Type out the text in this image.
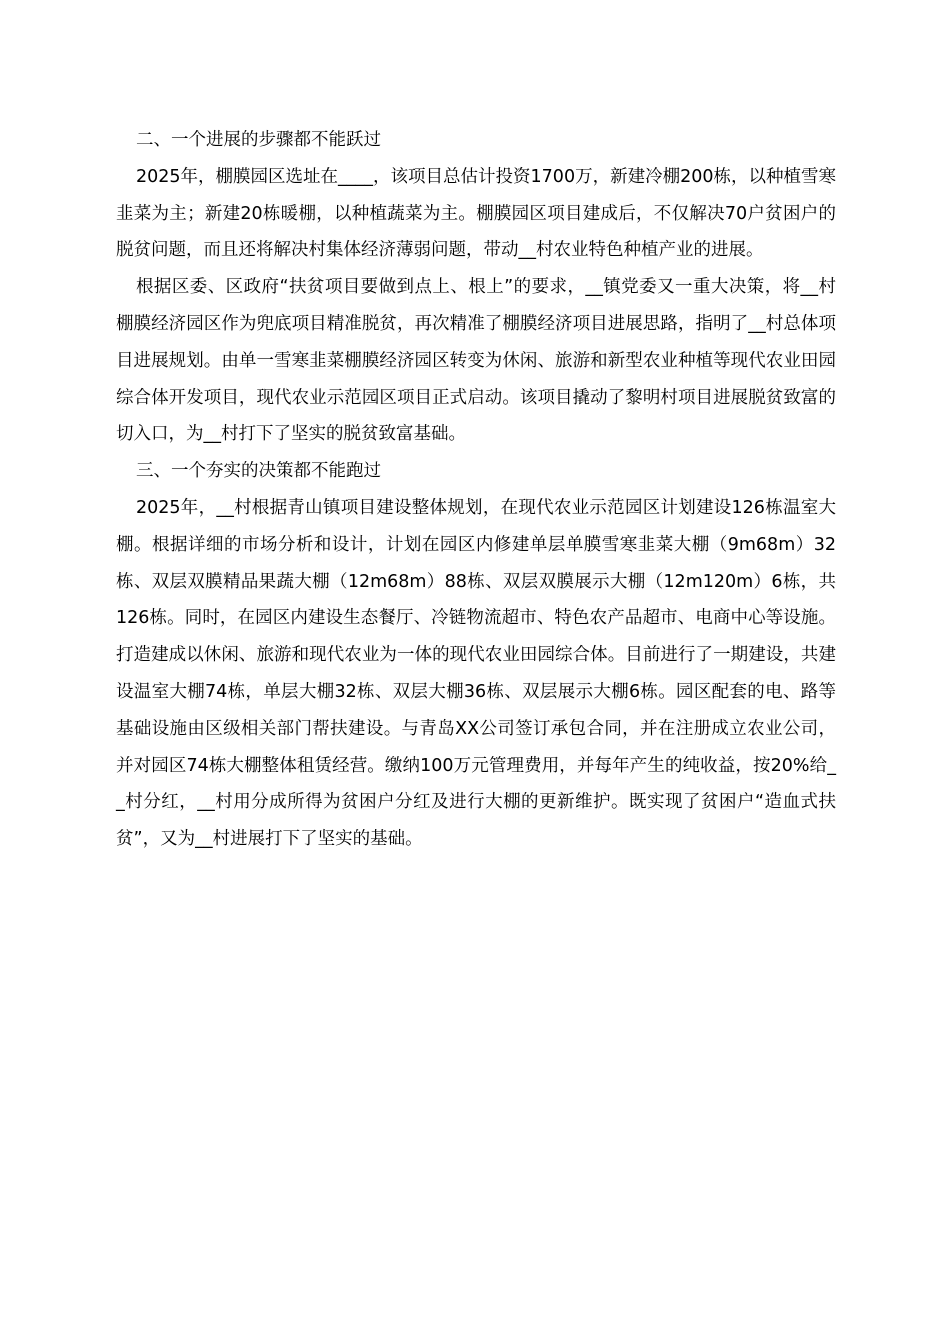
二、一个进展的步骤都不能跃过

2025年，棚膜园区选址在____，该项目总估计投资1700万，新建冷棚200栋，以种植雪寒韭菜为主；新建20栋暖棚，以种植蔬菜为主。棚膜园区项目建成后，不仅解决70户贫困户的脱贫问题，而且还将解决村集体经济薄弱问题，带动__村农业特色种植产业的进展。

根据区委、区政府“扶贫项目要做到点上、根上”的要求，__镇党委又一重大决策，将__村棚膜经济园区作为兜底项目精准脱贫，再次精准了棚膜经济项目进展思路，指明了__村总体项目进展规划。由单一雪寒韭菜棚膜经济园区转变为休闲、旅游和新型农业种植等现代农业田园综合体开发项目，现代农业示范园区项目正式启动。该项目撬动了黎明村项目进展脱贫致富的切入口，为__村打下了坚实的脱贫致富基础。

三、一个夯实的决策都不能跑过

2025年，__村根据青山镇项目建设整体规划，在现代农业示范园区计划建设126栋温室大棚。根据详细的市场分析和设计，计划在园区内修建单层单膜雪寒韭菜大棚（9m68m）32栋、双层双膜精品果蔬大棚（12m68m）88栋、双层双膜展示大棚（12m120m）6栋，共126栋。同时，在园区内建设生态餐厅、冷链物流超市、特色农产品超市、电商中心等设施。打造建成以休闲、旅游和现代农业为一体的现代农业田园综合体。目前进行了一期建设，共建设温室大棚74栋，单层大棚32栋、双层大棚36栋、双层展示大棚6栋。园区配套的电、路等基础设施由区级相关部门帮扶建设。与青岛XX公司签订承包合同，并在注册成立农业公司，并对园区74栋大棚整体租赁经营。缴纳100万元管理费用，并每年产生的纯收益，按20%给__村分红，__村用分成所得为贫困户分红及进行大棚的更新维护。既实现了贫困户“造血式扶贫”，又为__村进展打下了坚实的基础。
